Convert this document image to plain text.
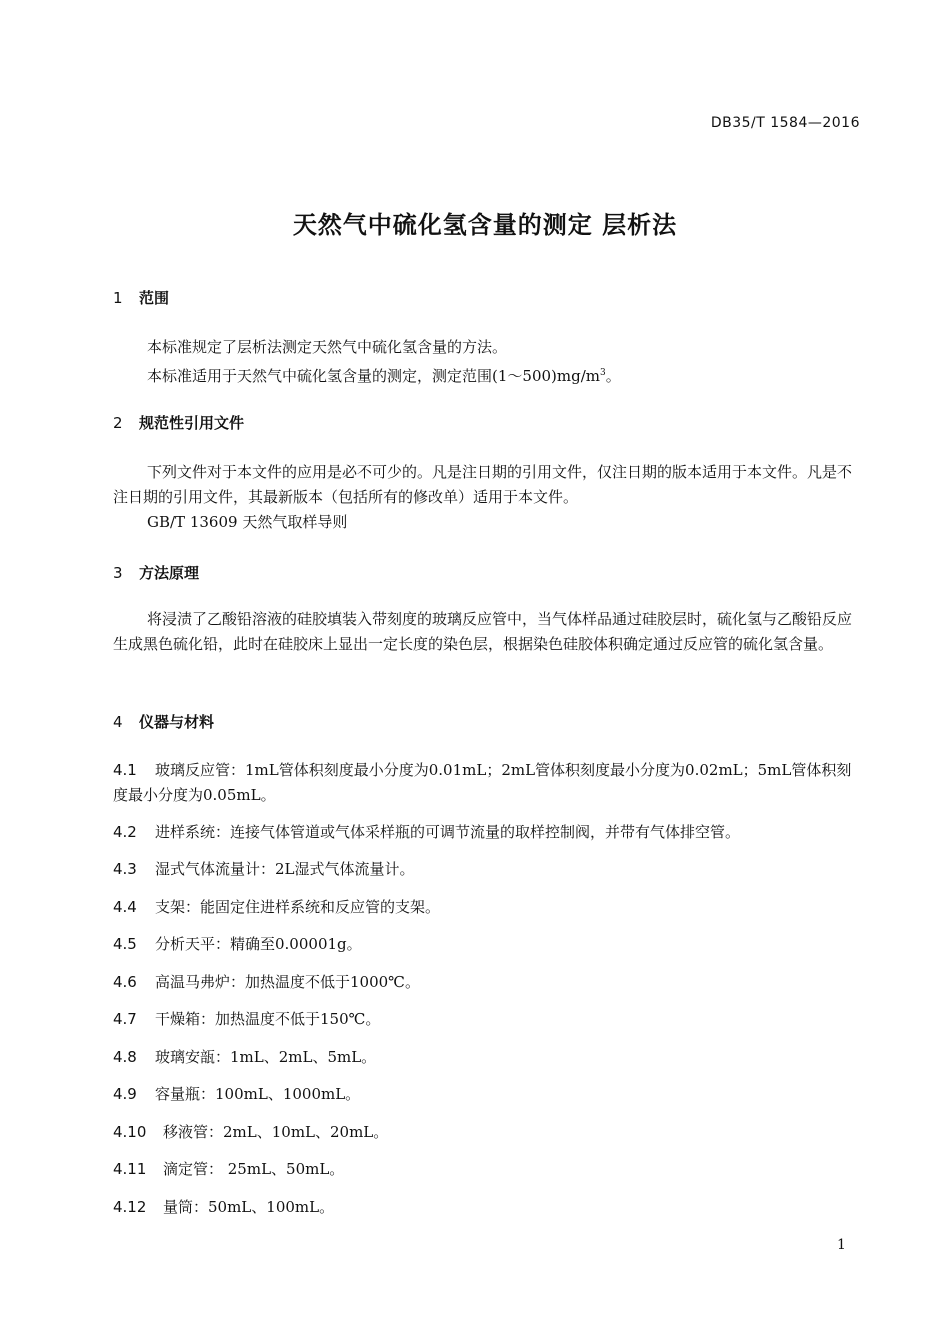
DB35/T 1584—2016
天然气中硫化氢含量的测定 层析法
1 范围
本标准规定了层析法测定天然气中硫化氢含量的方法。
本标准适用于天然气中硫化氢含量的测定，测定范围$(1\sim 500)mg/m^3$。
2 规范性引用文件
下列文件对于本文件的应用是必不可少的。凡是注日期的引用文件，仅注日期的版本适用于本文件。凡是不注日期的引用文件，其最新版本（包括所有的修改单）适用于本文件。
GB/T 13609 天然气取样导则
3 方法原理
将浸渍了乙酸铅溶液的硅胶填装入带刻度的玻璃反应管中，当气体样品通过硅胶层时，硫化氢与乙酸铅反应生成黑色硫化铅，此时在硅胶床上显出一定长度的染色层，根据染色硅胶体积确定通过反应管的硫化氢含量。
4 仪器与材料
4.1 玻璃反应管：1mL管体积刻度最小分度为0.01mL；2mL管体积刻度最小分度为0.02mL；5mL管体积刻度最小分度为0.05mL。
4.2 进样系统：连接气体管道或气体采样瓶的可调节流量的取样控制阀，并带有气体排空管。
4.3 湿式气体流量计：2L湿式气体流量计。
4.4 支架：能固定住进样系统和反应管的支架。
4.5 分析天平：精确至0.00001g。
4.6 高温马弗炉：加热温度不低于1000℃。
4.7 干燥箱：加热温度不低于150℃。
4.8 玻璃安瓿：1mL、2mL、5mL。
4.9 容量瓶：100mL、1000mL。
4.10 移液管：2mL、10mL、20mL。
4.11 滴定管： 25mL、50mL。
4.12 量筒：50mL、100mL。
1
